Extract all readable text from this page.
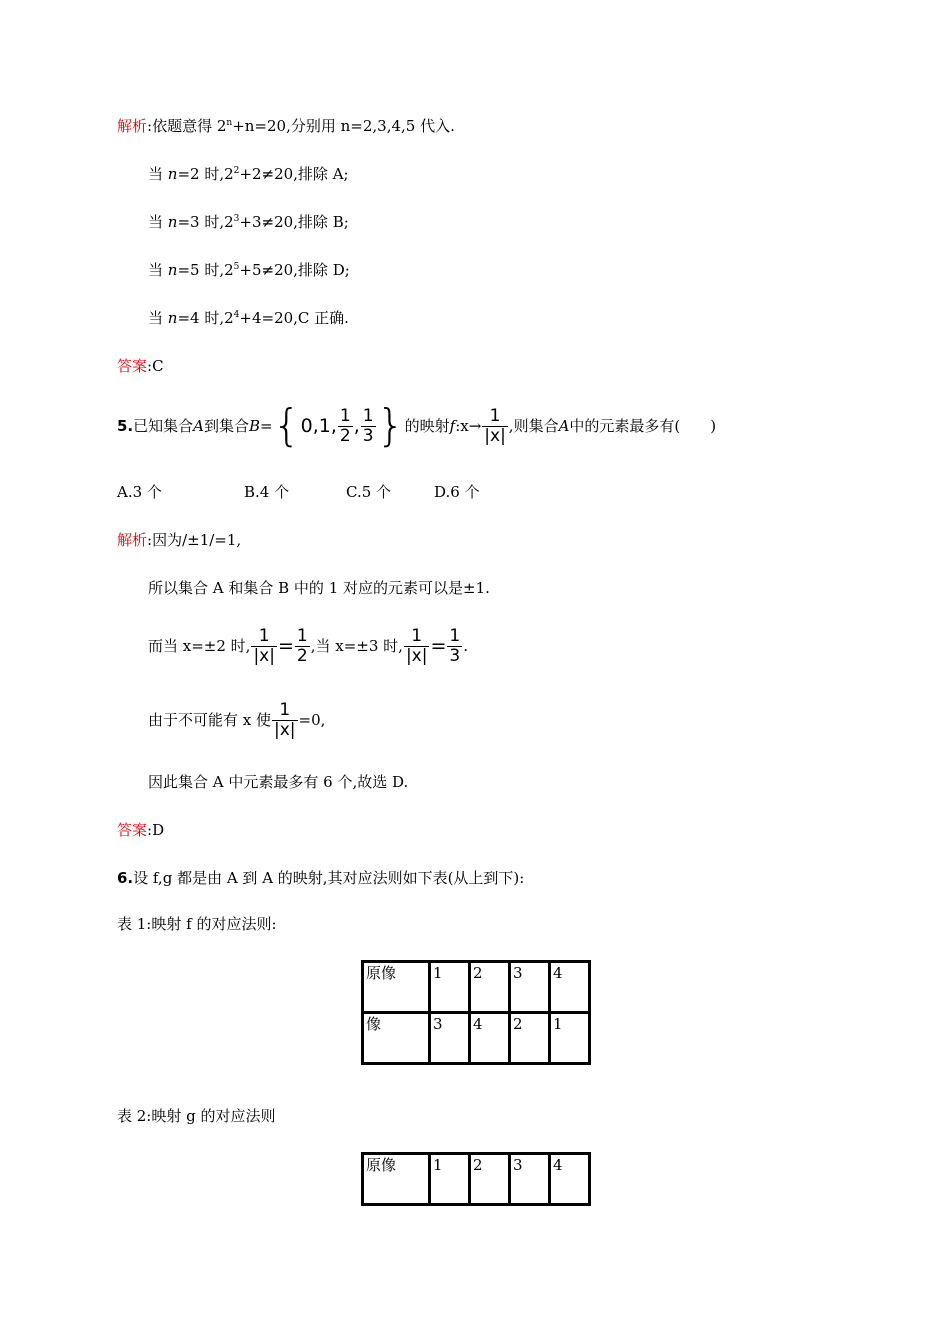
解析:依题意得 $2^n+n=20$,分别用 n=2,3,4,5 代入.
当 n=2 时$,2^2+2\ne 20$,排除 A;
当 n=3 时$,2^3+3\ne 20$,排除 B;
当 n=5 时$,2^5+5\ne 20$,排除 D;
当 n=4 时$,2^4+4=20,C$ 正确.
答案:C
5. 已知集合 A 到集合 B = { 0 , 1 , $\frac{1}{2}$ , $\frac{1}{3}$ } 的映射 f :x→ $\frac{1}{|x|}$ ,则集合 A 中的元素最多有(　　)
A.3 个	B.4 个	C.5 个	D.6 个
解析:因为/±1/=1,
所以集合 A 和集合 B 中的 1 对应的元素可以是±1.
而当 x=±2 时, $\frac{1}{|x|} = \frac{1}{2}$ , 当 x=±3 时, $\frac{1}{|x|} = \frac{1}{3}$ .
由于不可能有 x 使 $\frac{1}{|x|} =0$,
因此集合 A 中元素最多有 6 个,故选 D.
答案:D
6.设 f,g 都是由 A 到 A 的映射,其对应法则如下表(从上到下):
表 1:映射 f 的对应法则:
原像	1	2	3	4
像	3	4	2	1
表 2:映射 g 的对应法则
原像	1	2	3	4
